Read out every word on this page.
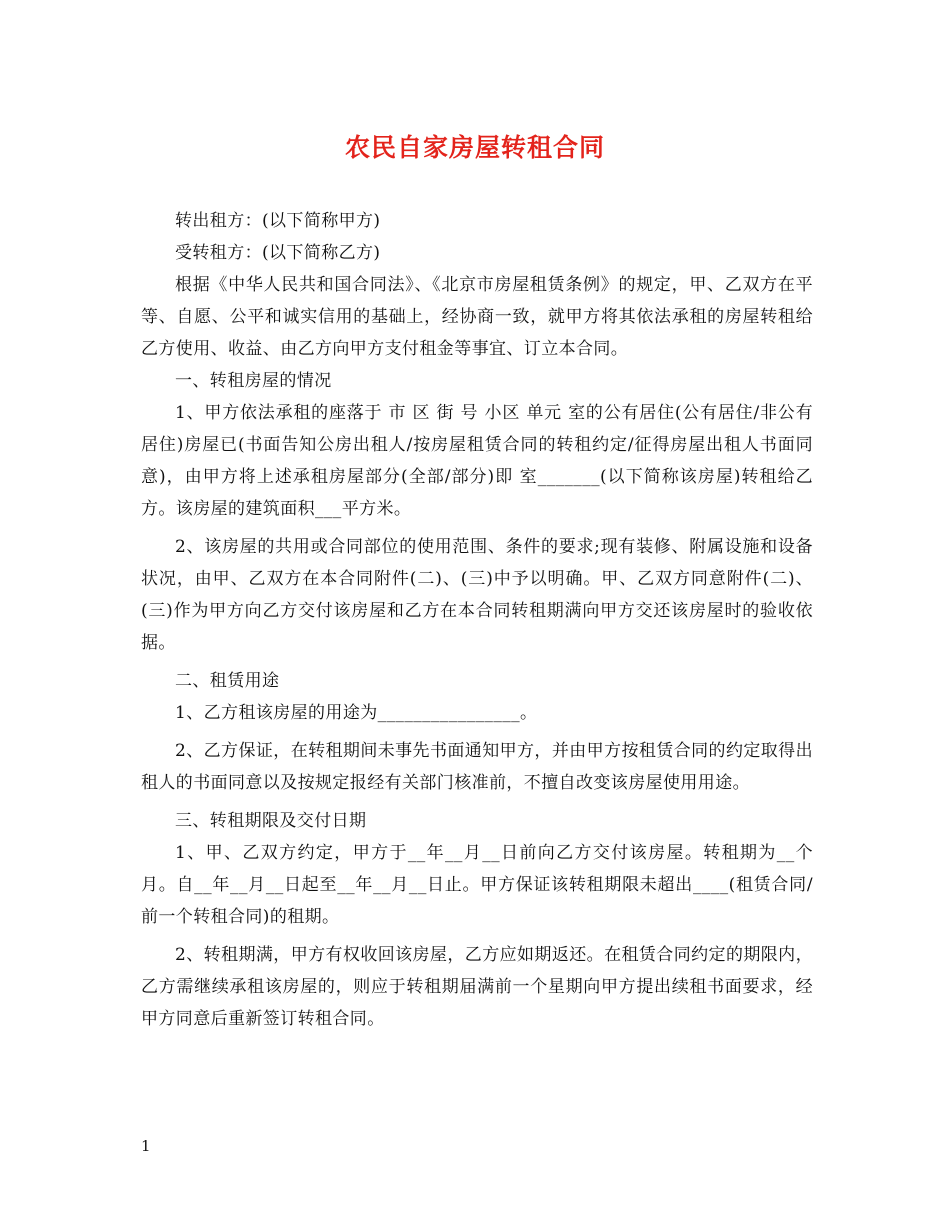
农民自家房屋转租合同

转出租方：(以下简称甲方)

受转租方：(以下简称乙方)

根据《中华人民共和国合同法》、《北京市房屋租赁条例》的规定，甲、乙双方在平等、自愿、公平和诚实信用的基础上，经协商一致，就甲方将其依法承租的房屋转租给乙方使用、收益、由乙方向甲方支付租金等事宜、订立本合同。

一、转租房屋的情况

1、甲方依法承租的座落于 市 区 街 号 小区 单元 室的公有居住(公有居住/非公有居住)房屋已(书面告知公房出租人/按房屋租赁合同的转租约定/征得房屋出租人书面同意)，由甲方将上述承租房屋部分(全部/部分)即 室_______(以下简称该房屋)转租给乙方。该房屋的建筑面积___平方米。

2、该房屋的共用或合同部位的使用范围、条件的要求;现有装修、附属设施和设备状况，由甲、乙双方在本合同附件(二)、(三)中予以明确。甲、乙双方同意附件(二)、(三)作为甲方向乙方交付该房屋和乙方在本合同转租期满向甲方交还该房屋时的验收依据。

二、租赁用途

1、乙方租该房屋的用途为________________。

2、乙方保证，在转租期间未事先书面通知甲方，并由甲方按租赁合同的约定取得出租人的书面同意以及按规定报经有关部门核准前，不擅自改变该房屋使用用途。

三、转租期限及交付日期

1、甲、乙双方约定，甲方于__年__月__日前向乙方交付该房屋。转租期为__个月。自__年__月__日起至__年__月__日止。甲方保证该转租期限未超出____(租赁合同/前一个转租合同)的租期。

2、转租期满，甲方有权收回该房屋，乙方应如期返还。在租赁合同约定的期限内，乙方需继续承租该房屋的，则应于转租期届满前一个星期向甲方提出续租书面要求，经甲方同意后重新签订转租合同。

1
